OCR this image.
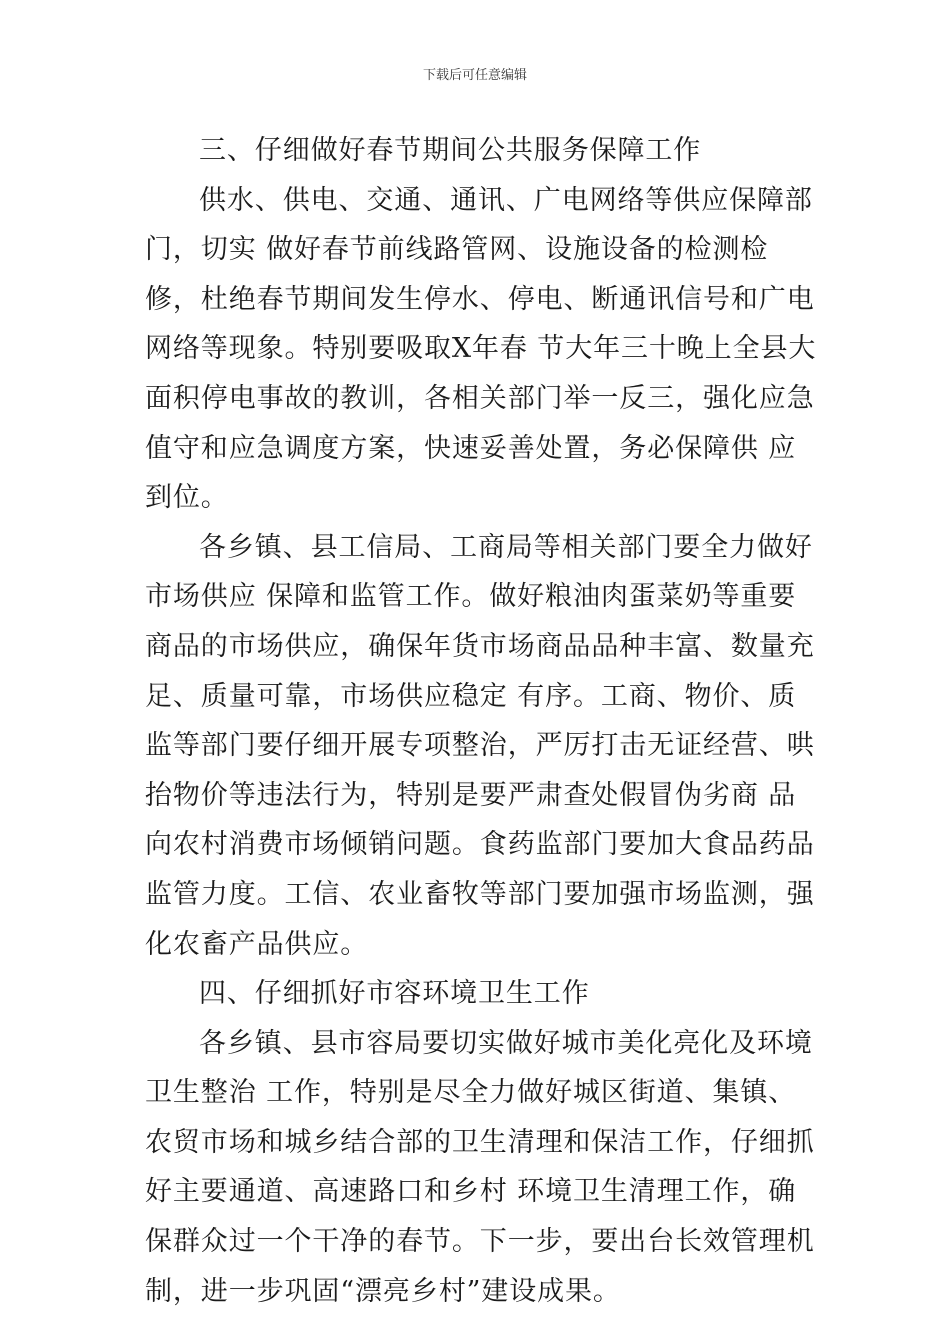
下载后可任意编辑

三、仔细做好春节期间公共服务保障工作

供水、供电、交通、通讯、广电网络等供应保障部门，切实 做好春节前线路管网、设施设备的检测检修，杜绝春节期间发生停水、停电、断通讯信号和广电网络等现象。特别要吸取X年春 节大年三十晚上全县大面积停电事故的教训，各相关部门举一反三，强化应急值守和应急调度方案，快速妥善处置，务必保障供 应到位。

各乡镇、县工信局、工商局等相关部门要全力做好市场供应 保障和监管工作。做好粮油肉蛋菜奶等重要商品的市场供应，确保年货市场商品品种丰富、数量充足、质量可靠，市场供应稳定 有序。工商、物价、质监等部门要仔细开展专项整治，严厉打击无证经营、哄抬物价等违法行为，特别是要严肃查处假冒伪劣商 品向农村消费市场倾销问题。食药监部门要加大食品药品监管力度。工信、农业畜牧等部门要加强市场监测，强化农畜产品供应。

四、仔细抓好市容环境卫生工作

各乡镇、县市容局要切实做好城市美化亮化及环境卫生整治 工作，特别是尽全力做好城区街道、集镇、农贸市场和城乡结合部的卫生清理和保洁工作，仔细抓好主要通道、高速路口和乡村 环境卫生清理工作，确保群众过一个干净的春节。下一步，要出台长效管理机制，进一步巩固“漂亮乡村”建设成果。
